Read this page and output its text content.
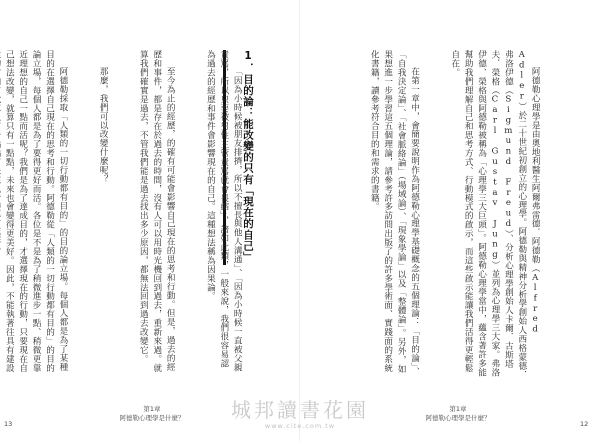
1．目的論：能改變的只有「現在的自己」

「因為小時候被朋友排擠，所以不擅長與他人溝通」、「因為小時候一直被父親責罵，所以只要被男性主管責罵就會畏縮」，諸如此類，一般來說，我們很容易認為過去的經歷和事件會影響現在的自己。這種想法稱為因果論。

至今為止的經歷，的確有可能會影響自己現在的思考和行動。但是，過去的經歷和事件，都是存在於過去的時間，沒有人可以用時光機回到過去，重新來過。就算我們確實是過去，不管我們能是過去找出多少原因，都無法回到過去改變它。

那麼，我們可以改變什麼呢？

阿德勒採取「人類的一切行動都有目的」的目的論立場。每個人都是為了某種目的在選擇自己現在的思考和行動。阿德勒從「人類的一切行動都有目的」的目的論立場，每個人都是為了要得更好而活。各位是不是為了稍微進步一點、稍微更靠近理想的自己一點而活呢？我們是為了達成目的，才選擇現在的行動，只要現在自己想法改變，就算只有一點點，未來也會變得更美好。因此，不能執著往具有建設

第1章
阿德勒心理學是什麼？
13

阿德勒心理學是由奧地利醫生阿爾弗雷德．阿德勒（Alfred Adler）於二十世紀初創立的心理學。阿德勒與精神分析學創始人西格蒙德．弗洛伊德（Sigmund Freud）、分析心理學創始人卡爾．古斯塔夫．榮格（Carl Gustav Jung）並列為心理學三大家。弗洛伊德、榮格與阿德勒被稱為「心理學三大巨頭」。阿德勒心理學當中，蘊含著許多能幫助我們理解自己和思考方式、行動模式的啟示，而這些啟示能讓我們活得更輕鬆自在。

在第一章中，會簡要說明作為阿德勒心理學基礎概念的五個理論：「目的論」、「自我決定論」、「社會脈絡論」（場域論）、「現象學論」以及「整體論」。另外，如果想進一步學習這五個理論，請參考許多訪問出版了的許多學術面、實踐面的系統化書籍，讀參考符合目的和需求的書籍。

第1章
阿德勒心理學是什麼？
12
城邦讀書花園
www.cite.com.tw
